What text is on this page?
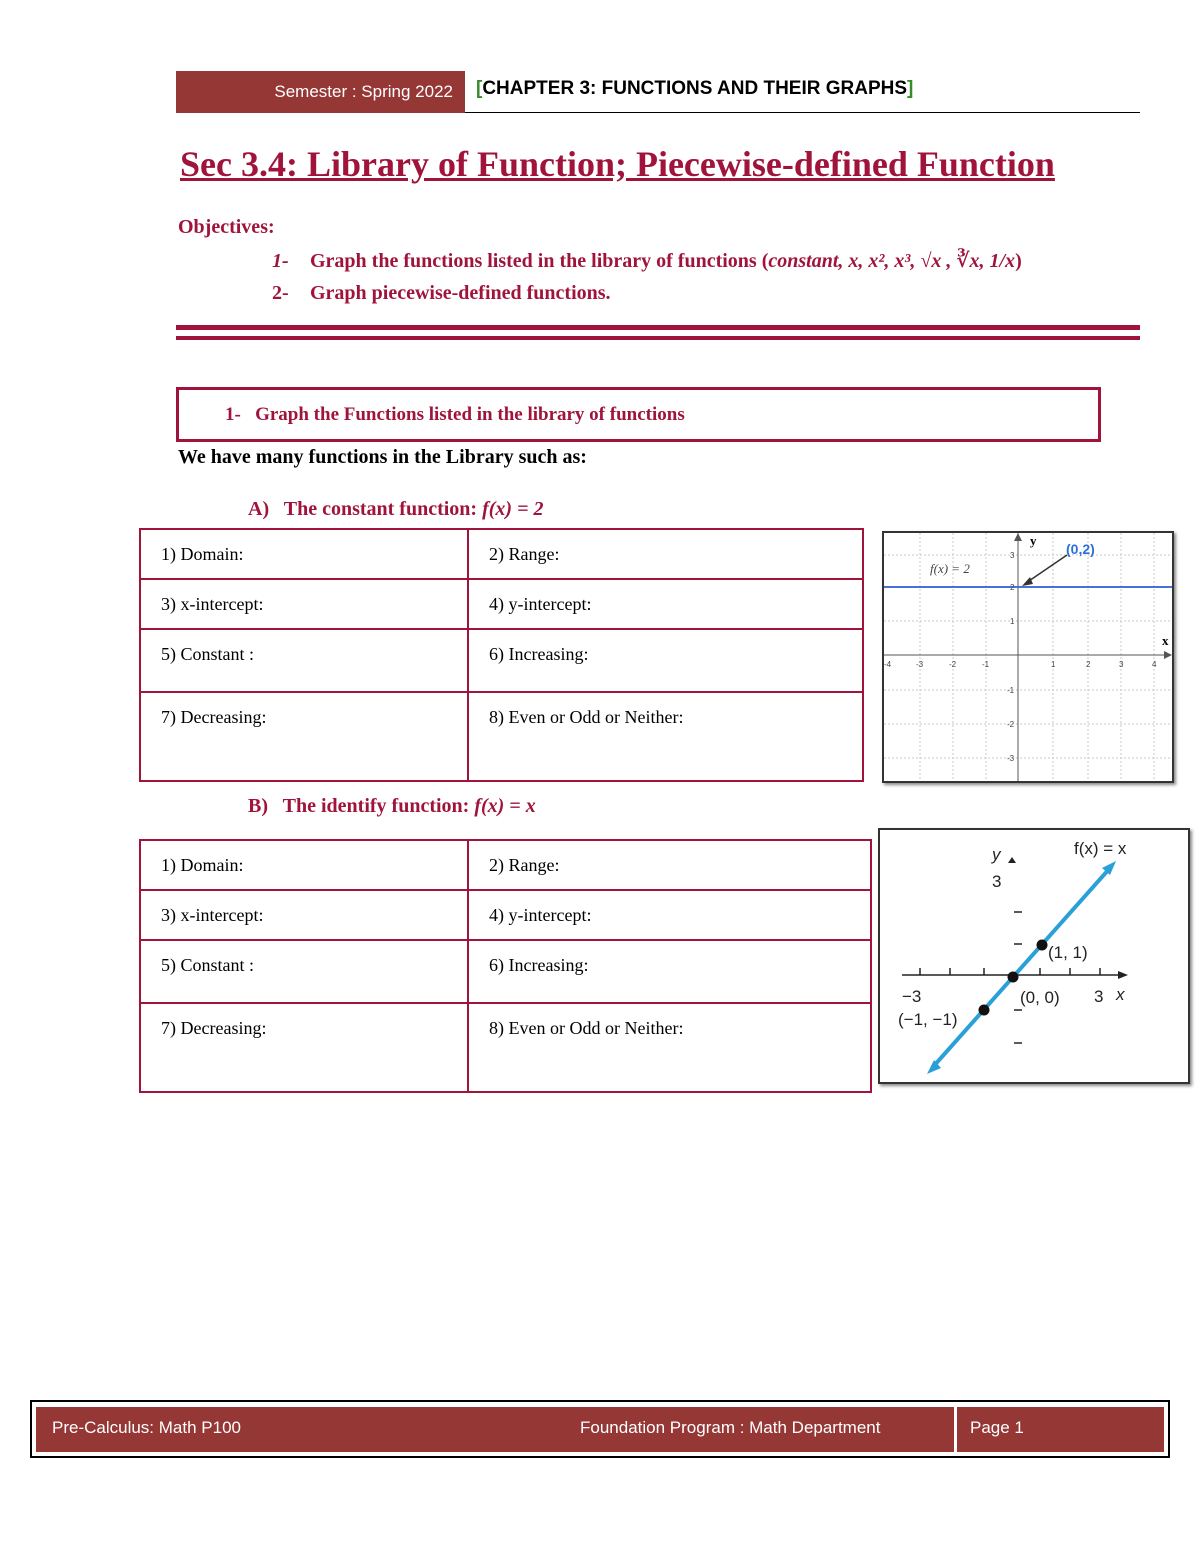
Semester : Spring 2022 [CHAPTER 3: FUNCTIONS AND THEIR GRAPHS]
Sec 3.4: Library of Function; Piecewise-defined Function
Objectives:
1- Graph the functions listed in the library of functions (constant, x, x², x³, √x , ∛x, 1/x)
2- Graph piecewise-defined functions.
1-   Graph the Functions listed in the library of functions
We have many functions in the Library such as:
A)   The constant function: f(x) = 2
1) Domain:	2) Range:
3) x-intercept:	4) y-intercept:
5) Constant :	6) Increasing:
7) Decreasing:	8) Even or Odd or Neither:
f(x) = 2
(0,2)
x
y
-4	-3	-2	-1	1	2	3	4
3
2
1
-1
-2
-3
B)   The identify function: f(x) = x
1) Domain:	2) Range:
3) x-intercept:	4) y-intercept:
5) Constant :	6) Increasing:
7) Decreasing:	8) Even or Odd or Neither:
y
3
f(x) = x
(1, 1)
(0, 0)
(−1, −1)
−3	3 x
Pre-Calculus: Math P100	Foundation Program : Math Department	Page 1
